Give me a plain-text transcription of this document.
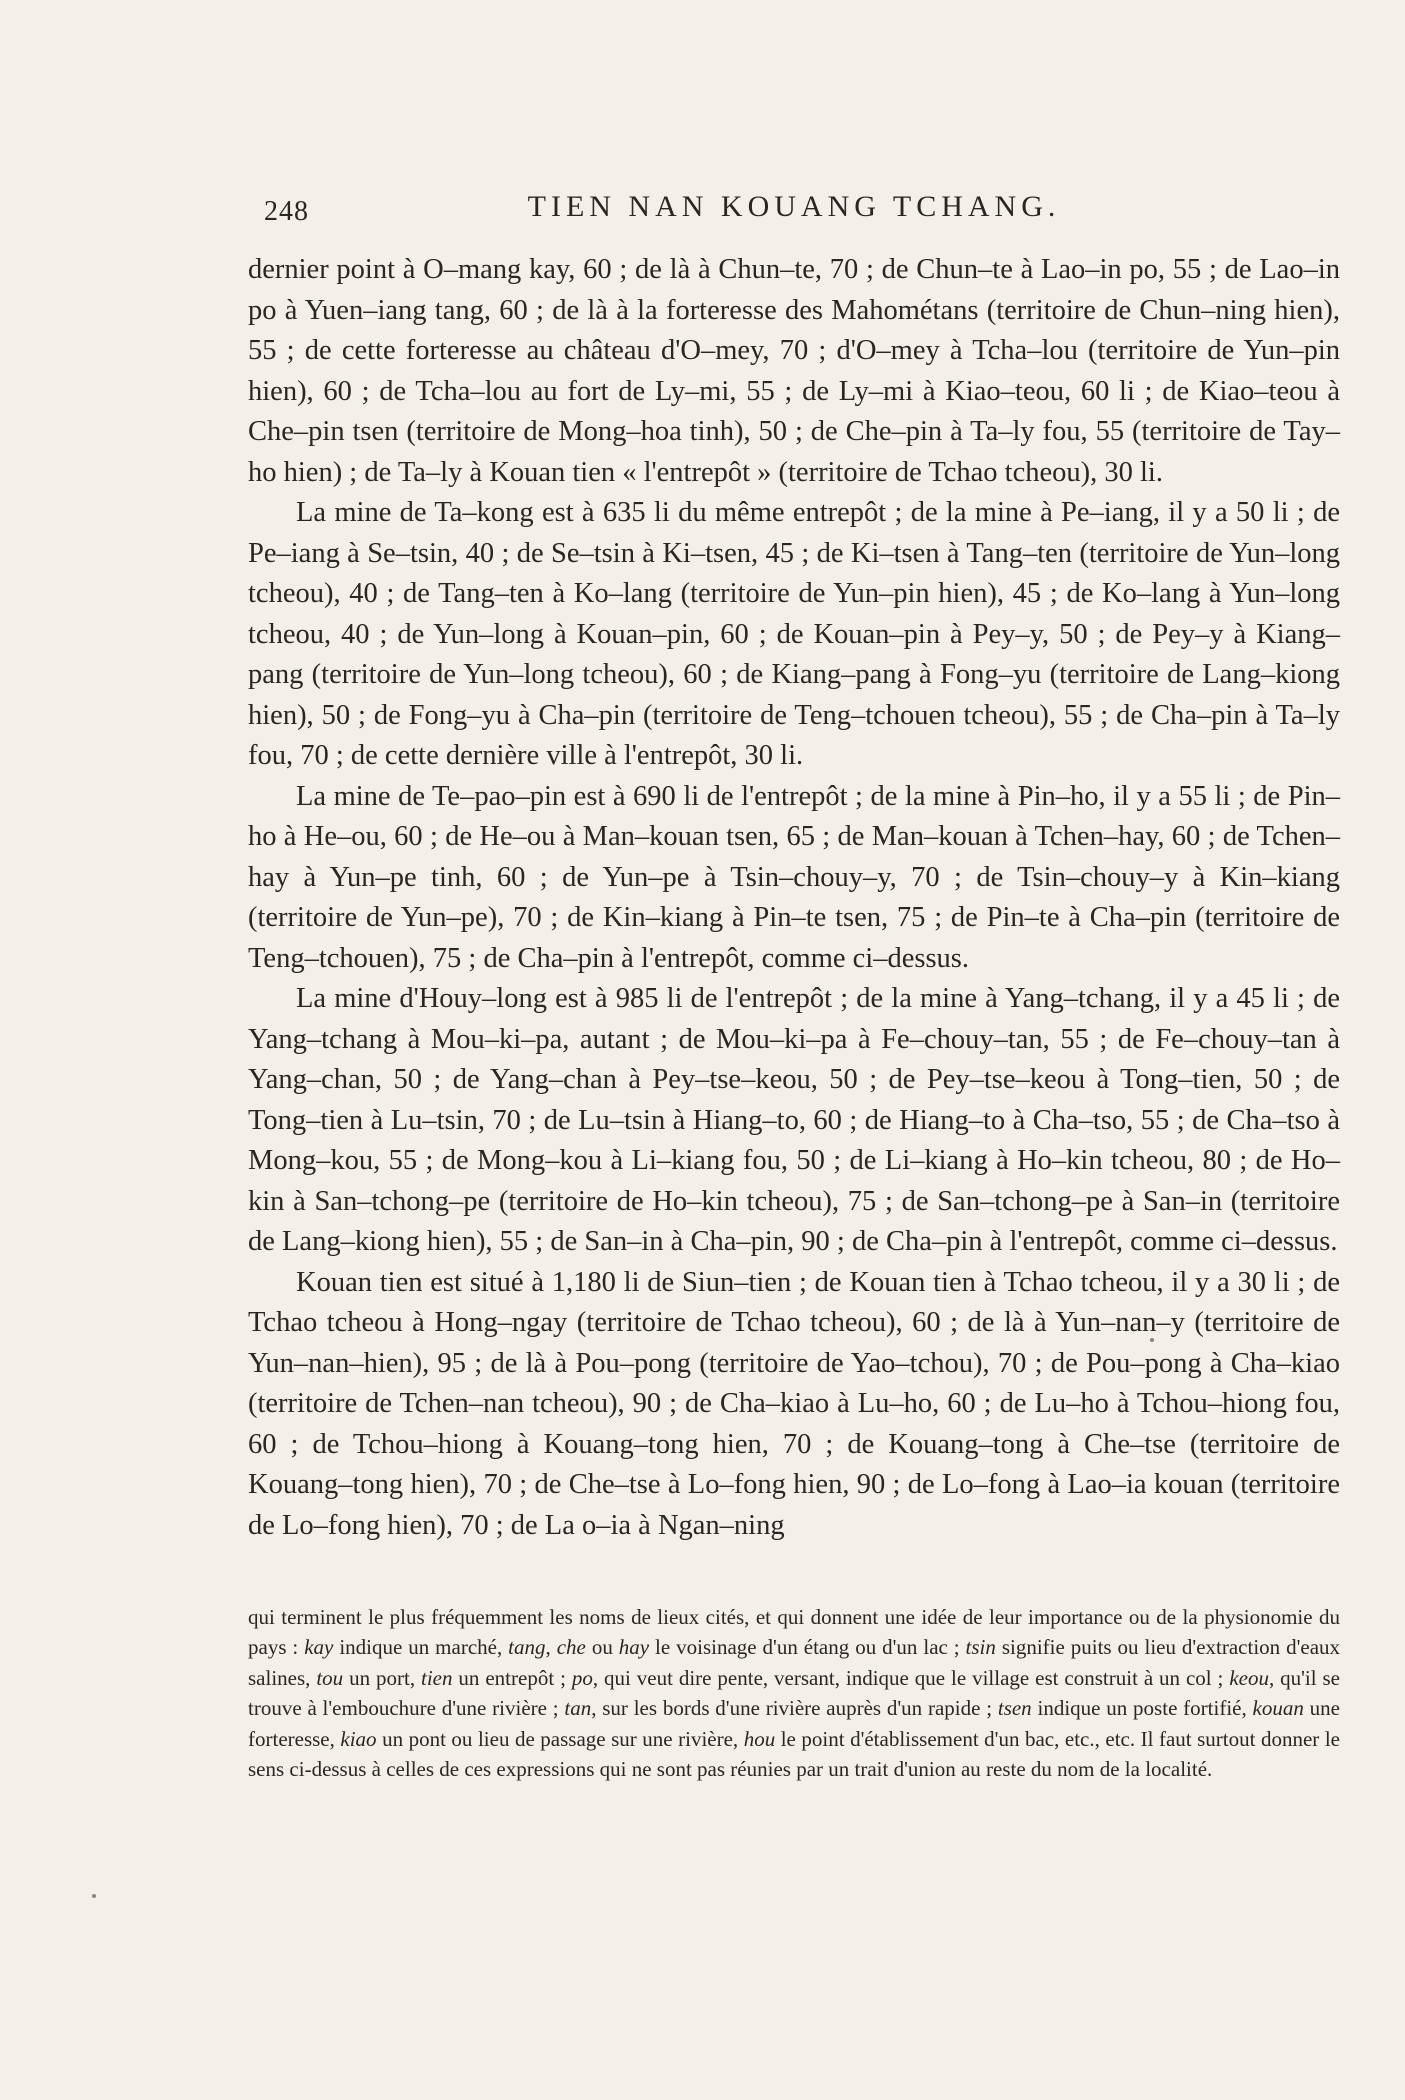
248	TIEN NAN KOUANG TCHANG.

dernier point à O–mang kay, 60 ; de là à Chun–te, 70 ; de Chun–te à Lao–in po, 55 ; de Lao–in po à Yuen–iang tang, 60 ; de là à la forteresse des Mahométans (territoire de Chun–ning hien), 55 ; de cette forteresse au château d'O–mey, 70 ; d'O–mey à Tcha–lou (territoire de Yun–pin hien), 60 ; de Tcha–lou au fort de Ly–mi, 55 ; de Ly–mi à Kiao–teou, 60 li ; de Kiao–teou à Che–pin tsen (territoire de Mong–hoa tinh), 50 ; de Che–pin à Ta–ly fou, 55 (territoire de Tay–ho hien) ; de Ta–ly à Kouan tien « l'entrepôt » (territoire de Tchao tcheou), 30 li.

La mine de Ta–kong est à 635 li du même entrepôt ; de la mine à Pe–iang, il y a 50 li ; de Pe–iang à Se–tsin, 40 ; de Se–tsin à Ki–tsen, 45 ; de Ki–tsen à Tang–ten (territoire de Yun–long tcheou), 40 ; de Tang–ten à Ko–lang (territoire de Yun–pin hien), 45 ; de Ko–lang à Yun–long tcheou, 40 ; de Yun–long à Kouan–pin, 60 ; de Kouan–pin à Pey–y, 50 ; de Pey–y à Kiang–pang (territoire de Yun–long tcheou), 60 ; de Kiang–pang à Fong–yu (territoire de Lang–kiong hien), 50 ; de Fong–yu à Cha–pin (territoire de Teng–tchouen tcheou), 55 ; de Cha–pin à Ta–ly fou, 70 ; de cette dernière ville à l'entrepôt, 30 li.

La mine de Te–pao–pin est à 690 li de l'entrepôt ; de la mine à Pin–ho, il y a 55 li ; de Pin–ho à He–ou, 60 ; de He–ou à Man–kouan tsen, 65 ; de Man–kouan à Tchen–hay, 60 ; de Tchen–hay à Yun–pe tinh, 60 ; de Yun–pe à Tsin–chouy–y, 70 ; de Tsin–chouy–y à Kin–kiang (territoire de Yun–pe), 70 ; de Kin–kiang à Pin–te tsen, 75 ; de Pin–te à Cha–pin (territoire de Teng–tchouen), 75 ; de Cha–pin à l'entrepôt, comme ci–dessus.

La mine d'Houy–long est à 985 li de l'entrepôt ; de la mine à Yang–tchang, il y a 45 li ; de Yang–tchang à Mou–ki–pa, autant ; de Mou–ki–pa à Fe–chouy–tan, 55 ; de Fe–chouy–tan à Yang–chan, 50 ; de Yang–chan à Pey–tse–keou, 50 ; de Pey–tse–keou à Tong–tien, 50 ; de Tong–tien à Lu–tsin, 70 ; de Lu–tsin à Hiang–to, 60 ; de Hiang–to à Cha–tso, 55 ; de Cha–tso à Mong–kou, 55 ; de Mong–kou à Li–kiang fou, 50 ; de Li–kiang à Ho–kin tcheou, 80 ; de Ho–kin à San–tchong–pe (territoire de Ho–kin tcheou), 75 ; de San–tchong–pe à San–in (territoire de Lang–kiong hien), 55 ; de San–in à Cha–pin, 90 ; de Cha–pin à l'entrepôt, comme ci–dessus.

Kouan tien est situé à 1,180 li de Siun–tien ; de Kouan tien à Tchao tcheou, il y a 30 li ; de Tchao tcheou à Hong–ngay (territoire de Tchao tcheou), 60 ; de là à Yun–nan–y (territoire de Yun–nan–hien), 95 ; de là à Pou–pong (territoire de Yao–tchou), 70 ; de Pou–pong à Cha–kiao (territoire de Tchen–nan tcheou), 90 ; de Cha–kiao à Lu–ho, 60 ; de Lu–ho à Tchou–hiong fou, 60 ; de Tchou–hiong à Kouang–tong hien, 70 ; de Kouang–tong à Che–tse (territoire de Kouang–tong hien), 70 ; de Che–tse à Lo–fong hien, 90 ; de Lo–fong à Lao–ia kouan (territoire de Lo–fong hien), 70 ; de La o–ia à Ngan–ning

qui terminent le plus fréquemment les noms de lieux cités, et qui donnent une idée de leur importance ou de la physionomie du pays : kay indique un marché, tang, che ou hay le voisinage d'un étang ou d'un lac ; tsin signifie puits ou lieu d'extraction d'eaux salines, tou un port, tien un entrepôt ; po, qui veut dire pente, versant, indique que le village est construit à un col ; keou, qu'il se trouve à l'embouchure d'une rivière ; tan, sur les bords d'une rivière auprès d'un rapide ; tsen indique un poste fortifié, kouan une forteresse, kiao un pont ou lieu de passage sur une rivière, hou le point d'établissement d'un bac, etc., etc. Il faut surtout donner le sens ci-dessus à celles de ces expressions qui ne sont pas réunies par un trait d'union au reste du nom de la localité.
